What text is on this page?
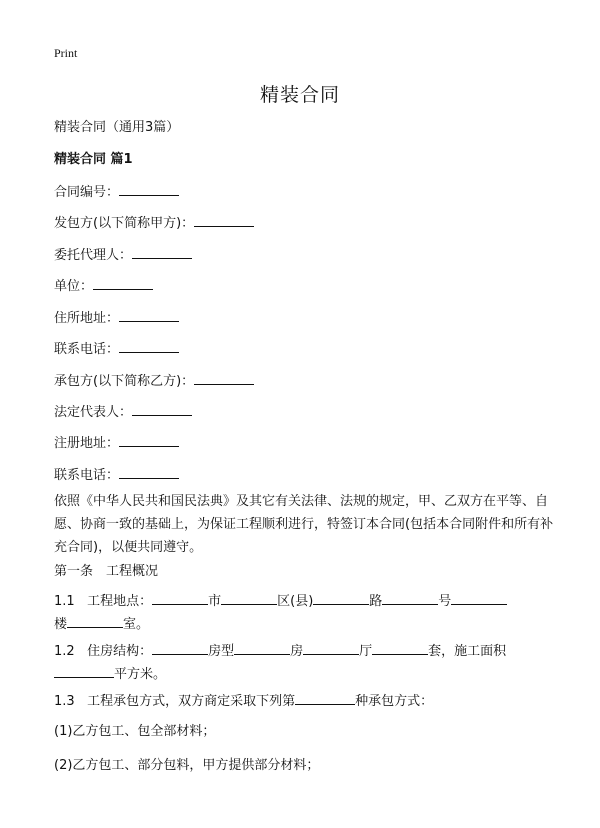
Print
精装合同
精装合同（通用3篇）
精装合同 篇1
合同编号：
发包方(以下简称甲方)：
委托代理人：
单位：
住所地址：
联系电话：
承包方(以下简称乙方)：
法定代表人：
注册地址：
联系电话：
依照《中华人民共和国民法典》及其它有关法律、法规的规定，甲、乙双方在平等、自愿、协商一致的基础上，为保证工程顺利进行，特签订本合同(包括本合同附件和所有补充合同)，以便共同遵守。
第一条　工程概况
1.1 工程地点：	市	区(县)	路	号
楼	室。
1.2 住房结构：	房型	房	厅	套，施工面积
平方米。
1.3 工程承包方式，双方商定采取下列第	种承包方式：
(1)乙方包工、包全部材料；
(2)乙方包工、部分包料，甲方提供部分材料；
